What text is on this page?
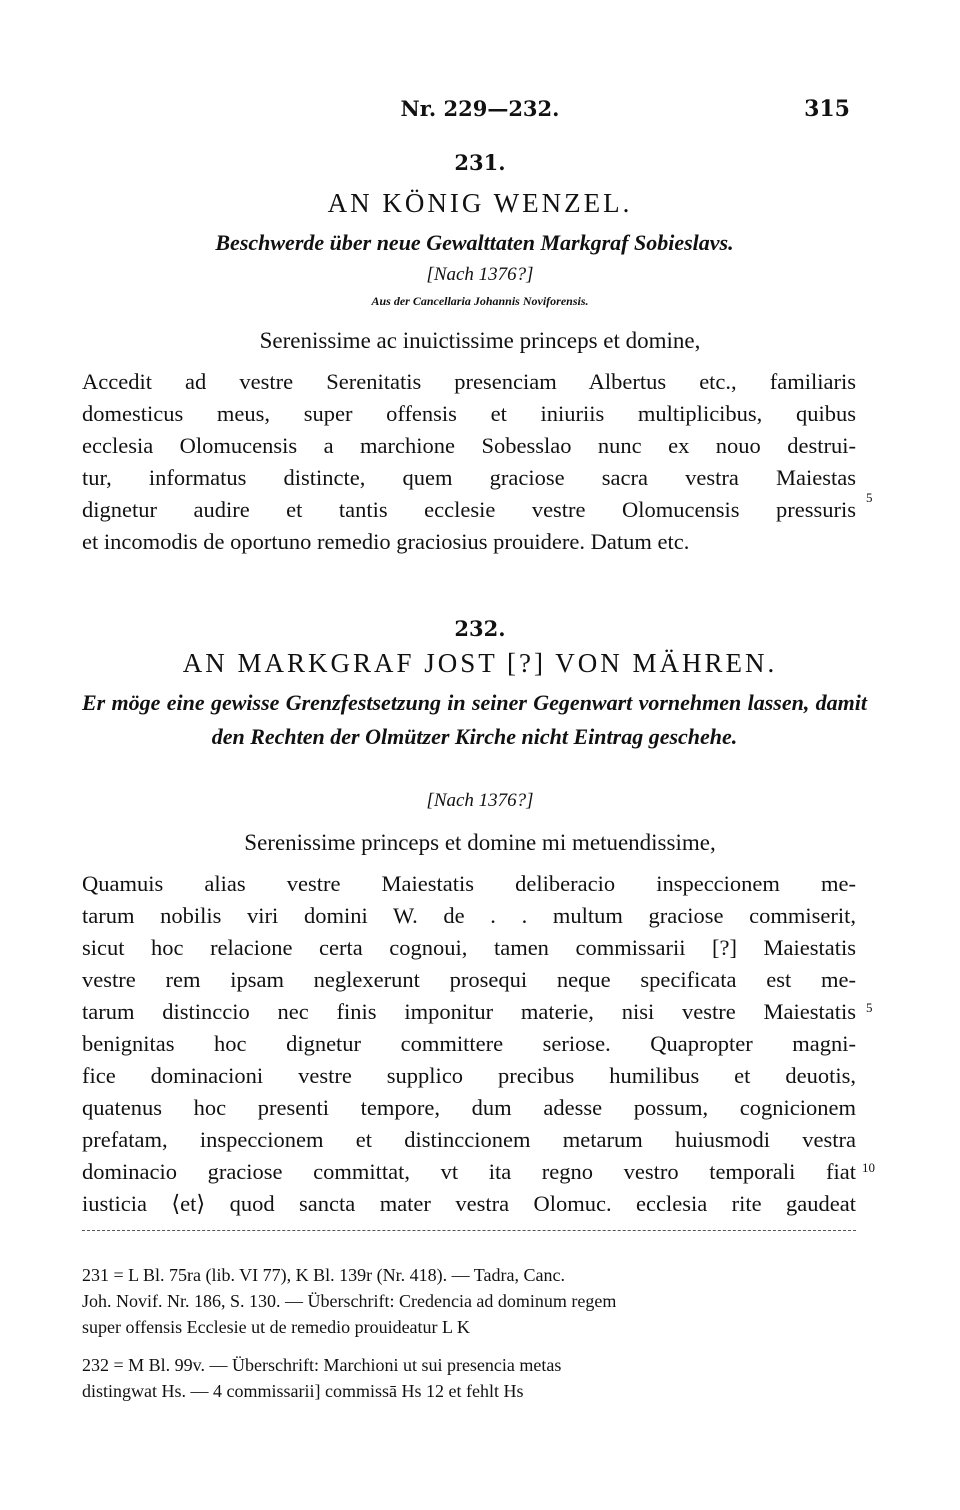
Nr. 229—232.	315
231.
AN KÖNIG WENZEL.
Beschwerde über neue Gewalttaten Markgraf Sobieslavs.
[Nach 1376?]
Aus der Cancellaria Johannis Noviforensis.
Serenissime ac inuictissime princeps et domine,
Accedit ad vestre Serenitatis presenciam Albertus etc., familiaris
domesticus meus, super offensis et iniuriis multiplicibus, quibus
ecclesia Olomucensis a marchione Sobesslao nunc ex nouo destrui-
tur, informatus distincte, quem graciose sacra vestra Maiestas
dignetur audire et tantis ecclesie vestre Olomucensis pressuris
et incomodis de oportuno remedio graciosius prouidere. Datum etc.
5
232.
AN MARKGRAF JOST [?] VON MÄHREN.
Er möge eine gewisse Grenzfestsetzung in seiner Gegenwart vornehmen lassen, damit den Rechten der Olmützer Kirche nicht Eintrag geschehe.
[Nach 1376?]
Serenissime princeps et domine mi metuendissime,
Quamuis alias vestre Maiestatis deliberacio inspeccionem me-
tarum nobilis viri domini W. de . . multum graciose commiserit,
sicut hoc relacione certa cognoui, tamen commissarii [?] Maiestatis
vestre rem ipsam neglexerunt prosequi neque specificata est me-
tarum distinccio nec finis imponitur materie, nisi vestre Maiestatis
benignitas hoc dignetur committere seriose. Quapropter magni-
fice dominacioni vestre supplico precibus humilibus et deuotis,
quatenus hoc presenti tempore, dum adesse possum, cognicionem
prefatam, inspeccionem et distinccionem metarum huiusmodi vestra
dominacio graciose committat, vt ita regno vestro temporali fiat
iusticia ⟨et⟩ quod sancta mater vestra Olomuc. ecclesia rite gaudeat
5
10
231 = L Bl. 75ra (lib. VI 77), K Bl. 139r (Nr. 418). — Tadra, Canc.
Joh. Novif. Nr. 186, S. 130. — Überschrift: Credencia ad dominum regem
super offensis Ecclesie ut de remedio prouideatur L K
232 = M Bl. 99v. — Überschrift: Marchioni ut sui presencia metas
distingwat Hs. — 4 commissarii] commissā Hs 12 et fehlt Hs
